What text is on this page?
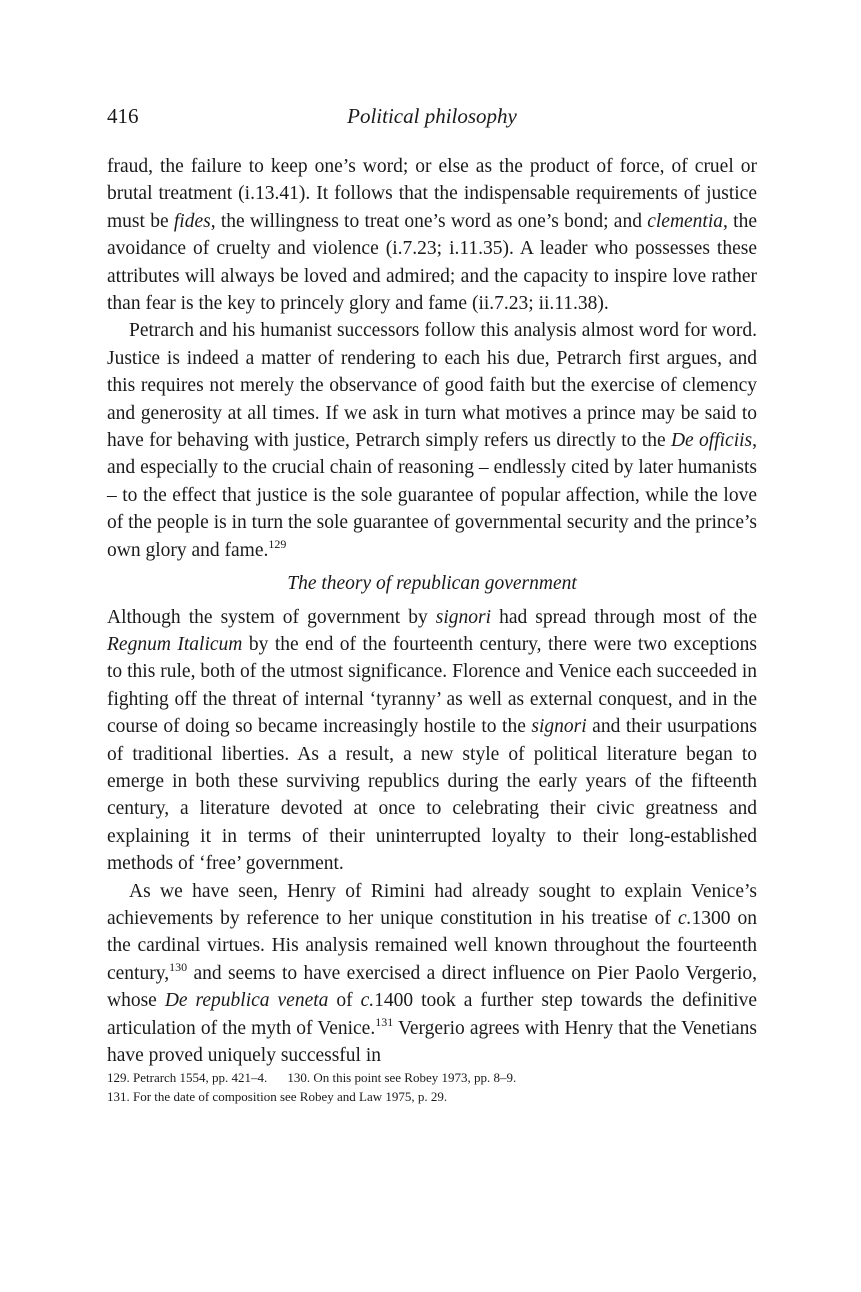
416	Political philosophy

fraud, the failure to keep one’s word; or else as the product of force, of cruel or brutal treatment (i.13.41). It follows that the indispensable requirements of justice must be fides, the willingness to treat one’s word as one’s bond; and clementia, the avoidance of cruelty and violence (i.7.23; i.11.35). A leader who possesses these attributes will always be loved and admired; and the capacity to inspire love rather than fear is the key to princely glory and fame (ii.7.23; ii.11.38).

Petrarch and his humanist successors follow this analysis almost word for word. Justice is indeed a matter of rendering to each his due, Petrarch first argues, and this requires not merely the observance of good faith but the exercise of clemency and generosity at all times. If we ask in turn what motives a prince may be said to have for behaving with justice, Petrarch simply refers us directly to the De officiis, and especially to the crucial chain of reasoning – endlessly cited by later humanists – to the effect that justice is the sole guarantee of popular affection, while the love of the people is in turn the sole guarantee of governmental security and the prince’s own glory and fame.$^{129}$

The theory of republican government

Although the system of government by signori had spread through most of the Regnum Italicum by the end of the fourteenth century, there were two exceptions to this rule, both of the utmost significance. Florence and Venice each succeeded in fighting off the threat of internal ‘tyranny’ as well as external conquest, and in the course of doing so became increasingly hostile to the signori and their usurpations of traditional liberties. As a result, a new style of political literature began to emerge in both these surviving republics during the early years of the fifteenth century, a literature devoted at once to celebrating their civic greatness and explaining it in terms of their uninterrupted loyalty to their long-established methods of ‘free’ government.

As we have seen, Henry of Rimini had already sought to explain Venice’s achievements by reference to her unique constitution in his treatise of c.1300 on the cardinal virtues. His analysis remained well known throughout the fourteenth century,$^{130}$ and seems to have exercised a direct influence on Pier Paolo Vergerio, whose De republica veneta of c.1400 took a further step towards the definitive articulation of the myth of Venice.$^{131}$ Vergerio agrees with Henry that the Venetians have proved uniquely successful in

129. Petrarch 1554, pp. 421–4. 130. On this point see Robey 1973, pp. 8–9.
131. For the date of composition see Robey and Law 1975, p. 29.
